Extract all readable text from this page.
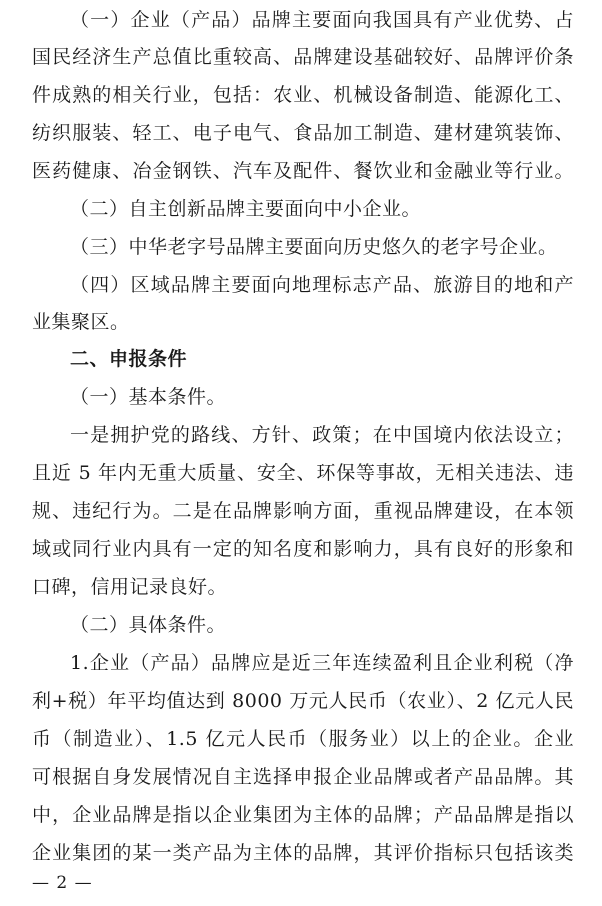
（一）企业（产品）品牌主要面向我国具有产业优势、占
国民经济生产总值比重较高、品牌建设基础较好、品牌评价条
件成熟的相关行业，包括：农业、机械设备制造、能源化工、
纺织服装、轻工、电子电气、食品加工制造、建材建筑装饰、
医药健康、冶金钢铁、汽车及配件、餐饮业和金融业等行业。
（二）自主创新品牌主要面向中小企业。
（三）中华老字号品牌主要面向历史悠久的老字号企业。
（四）区域品牌主要面向地理标志产品、旅游目的地和产
业集聚区。
二、申报条件
（一）基本条件。
一是拥护党的路线、方针、政策；在中国境内依法设立；
且近 5 年内无重大质量、安全、环保等事故，无相关违法、违
规、违纪行为。二是在品牌影响方面，重视品牌建设，在本领
域或同行业内具有一定的知名度和影响力，具有良好的形象和
口碑，信用记录良好。
（二）具体条件。
1.企业（产品）品牌应是近三年连续盈利且企业利税（净
利+税）年平均值达到 8000 万元人民币（农业）、2 亿元人民
币（制造业）、1.5 亿元人民币（服务业）以上的企业。企业
可根据自身发展情况自主选择申报企业品牌或者产品品牌。其
中，企业品牌是指以企业集团为主体的品牌；产品品牌是指以
企业集团的某一类产品为主体的品牌，其评价指标只包括该类
— 2 —
